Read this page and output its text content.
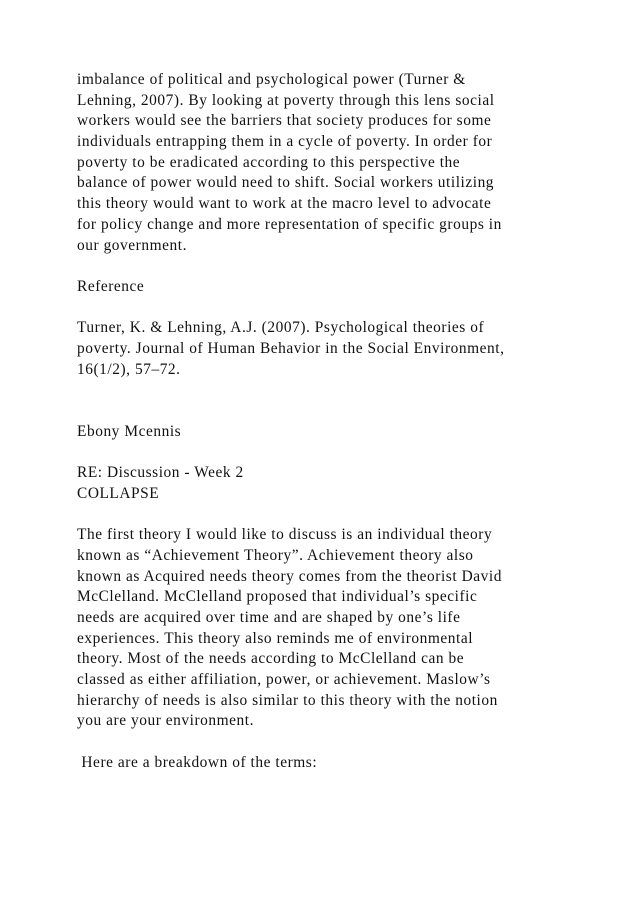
imbalance of political and psychological power (Turner &
Lehning, 2007). By looking at poverty through this lens social
workers would see the barriers that society produces for some
individuals entrapping them in a cycle of poverty. In order for
poverty to be eradicated according to this perspective the
balance of power would need to shift. Social workers utilizing
this theory would want to work at the macro level to advocate
for policy change and more representation of specific groups in
our government.
Reference
Turner, K. & Lehning, A.J. (2007). Psychological theories of
poverty. Journal of Human Behavior in the Social Environment,
16(1/2), 57–72.
Ebony Mcennis
RE: Discussion - Week 2
COLLAPSE
The first theory I would like to discuss is an individual theory
known as “Achievement Theory”. Achievement theory also
known as Acquired needs theory comes from the theorist David
McClelland. McClelland proposed that individual’s specific
needs are acquired over time and are shaped by one’s life
experiences. This theory also reminds me of environmental
theory. Most of the needs according to McClelland can be
classed as either affiliation, power, or achievement. Maslow’s
hierarchy of needs is also similar to this theory with the notion
you are your environment.
Here are a breakdown of the terms:
